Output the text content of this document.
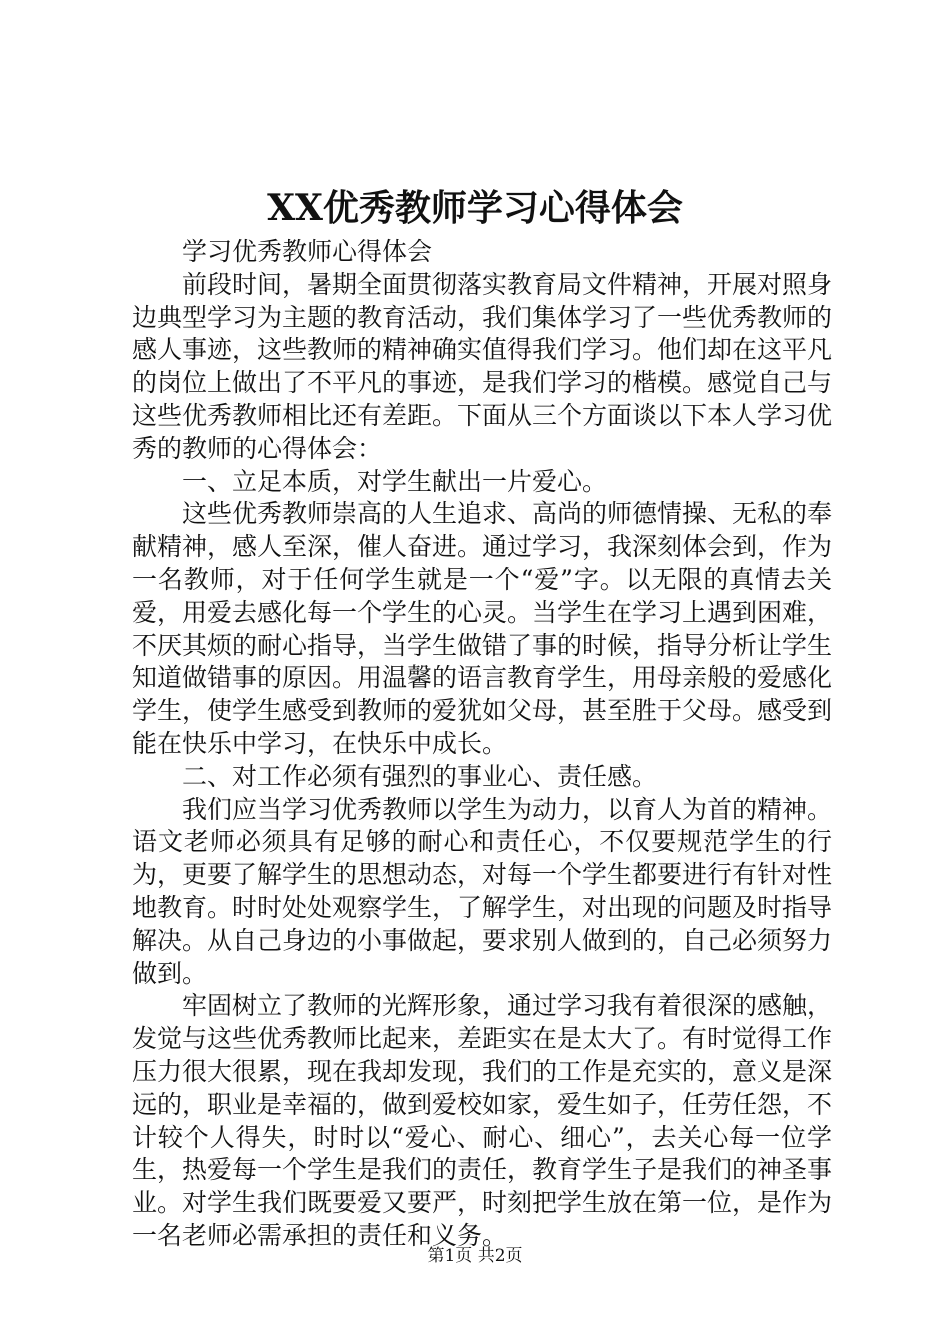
XX优秀教师学习心得体会

学习优秀教师心得体会

前段时间，暑期全面贯彻落实教育局文件精神，开展对照身边典型学习为主题的教育活动，我们集体学习了一些优秀教师的感人事迹，这些教师的精神确实值得我们学习。他们却在这平凡的岗位上做出了不平凡的事迹，是我们学习的楷模。感觉自己与这些优秀教师相比还有差距。下面从三个方面谈以下本人学习优秀的教师的心得体会：

一、立足本质，对学生献出一片爱心。

这些优秀教师崇高的人生追求、高尚的师德情操、无私的奉献精神，感人至深，催人奋进。通过学习，我深刻体会到，作为一名教师，对于任何学生就是一个“爱”字。以无限的真情去关爱，用爱去感化每一个学生的心灵。当学生在学习上遇到困难，不厌其烦的耐心指导，当学生做错了事的时候，指导分析让学生知道做错事的原因。用温馨的语言教育学生，用母亲般的爱感化学生，使学生感受到教师的爱犹如父母，甚至胜于父母。感受到能在快乐中学习，在快乐中成长。

二、对工作必须有强烈的事业心、责任感。

我们应当学习优秀教师以学生为动力，以育人为首的精神。语文老师必须具有足够的耐心和责任心，不仅要规范学生的行为，更要了解学生的思想动态，对每一个学生都要进行有针对性地教育。时时处处观察学生，了解学生，对出现的问题及时指导解决。从自己身边的小事做起，要求别人做到的，自己必须努力做到。

牢固树立了教师的光辉形象，通过学习我有着很深的感触，发觉与这些优秀教师比起来，差距实在是太大了。有时觉得工作压力很大很累，现在我却发现，我们的工作是充实的，意义是深远的，职业是幸福的，做到爱校如家，爱生如子，任劳任怨，不计较个人得失，时时以“爱心、耐心、细心”，去关心每一位学生，热爱每一个学生是我们的责任，教育学生子是我们的神圣事业。对学生我们既要爱又要严，时刻把学生放在第一位，是作为一名老师必需承担的责任和义务。

第1页 共2页
